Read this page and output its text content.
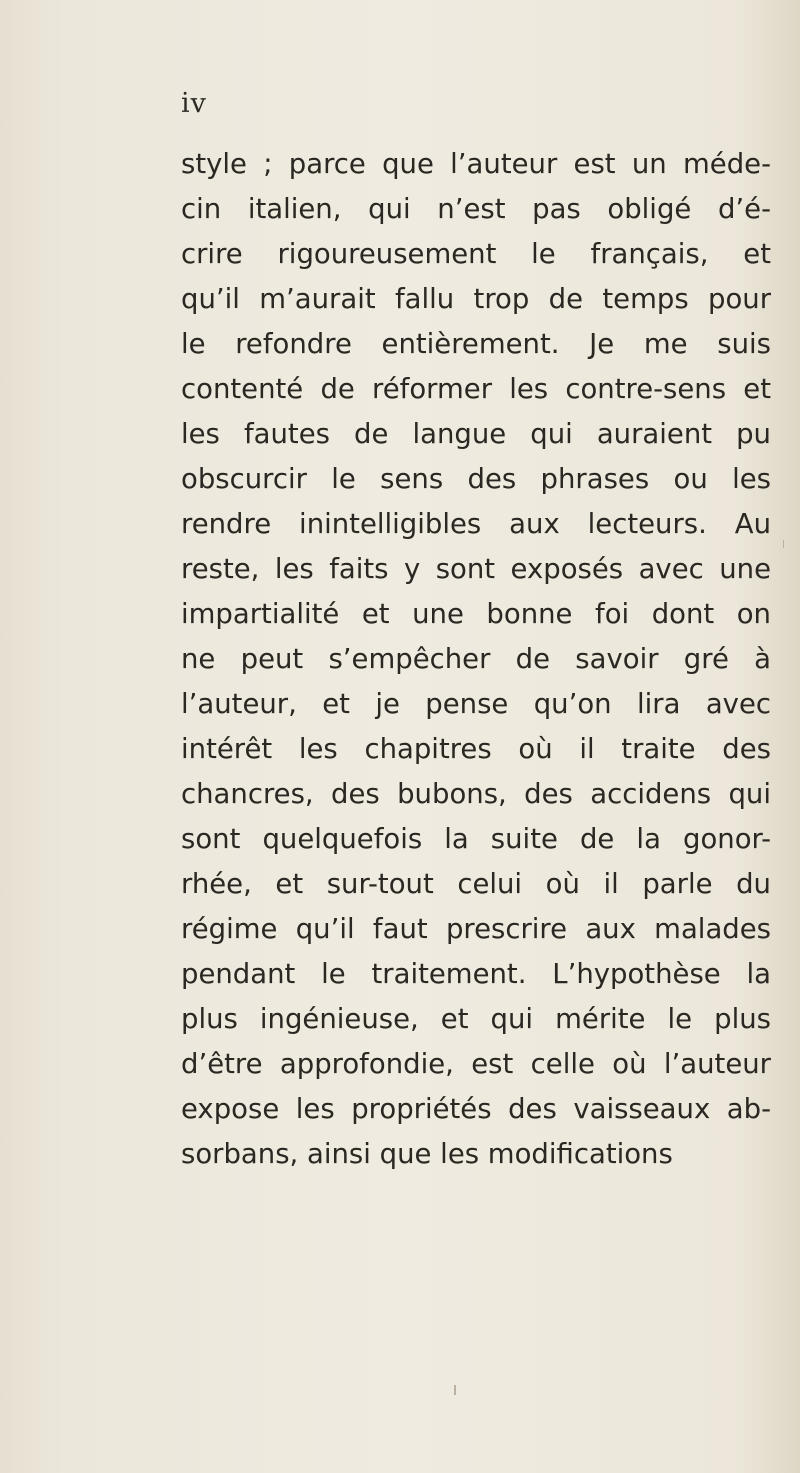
iv
style ; parce que l’auteur est un méde-
cin italien, qui n’est pas obligé d’é-
crire rigoureusement le français, et
qu’il m’aurait fallu trop de temps pour
le refondre entièrement. Je me suis
contenté de réformer les contre-sens et
les fautes de langue qui auraient pu
obscurcir le sens des phrases ou les
rendre inintelligibles aux lecteurs. Au
reste, les faits y sont exposés avec une
impartialité et une bonne foi dont on
ne peut s’empêcher de savoir gré à
l’auteur, et je pense qu’on lira avec
intérêt les chapitres où il traite des
chancres, des bubons, des accidens qui
sont quelquefois la suite de la gonor-
rhée, et sur-tout celui où il parle du
régime qu’il faut prescrire aux malades
pendant le traitement. L’hypothèse la
plus ingénieuse, et qui mérite le plus
d’être approfondie, est celle où l’auteur
expose les propriétés des vaisseaux ab-
sorbans, ainsi que les modifications
